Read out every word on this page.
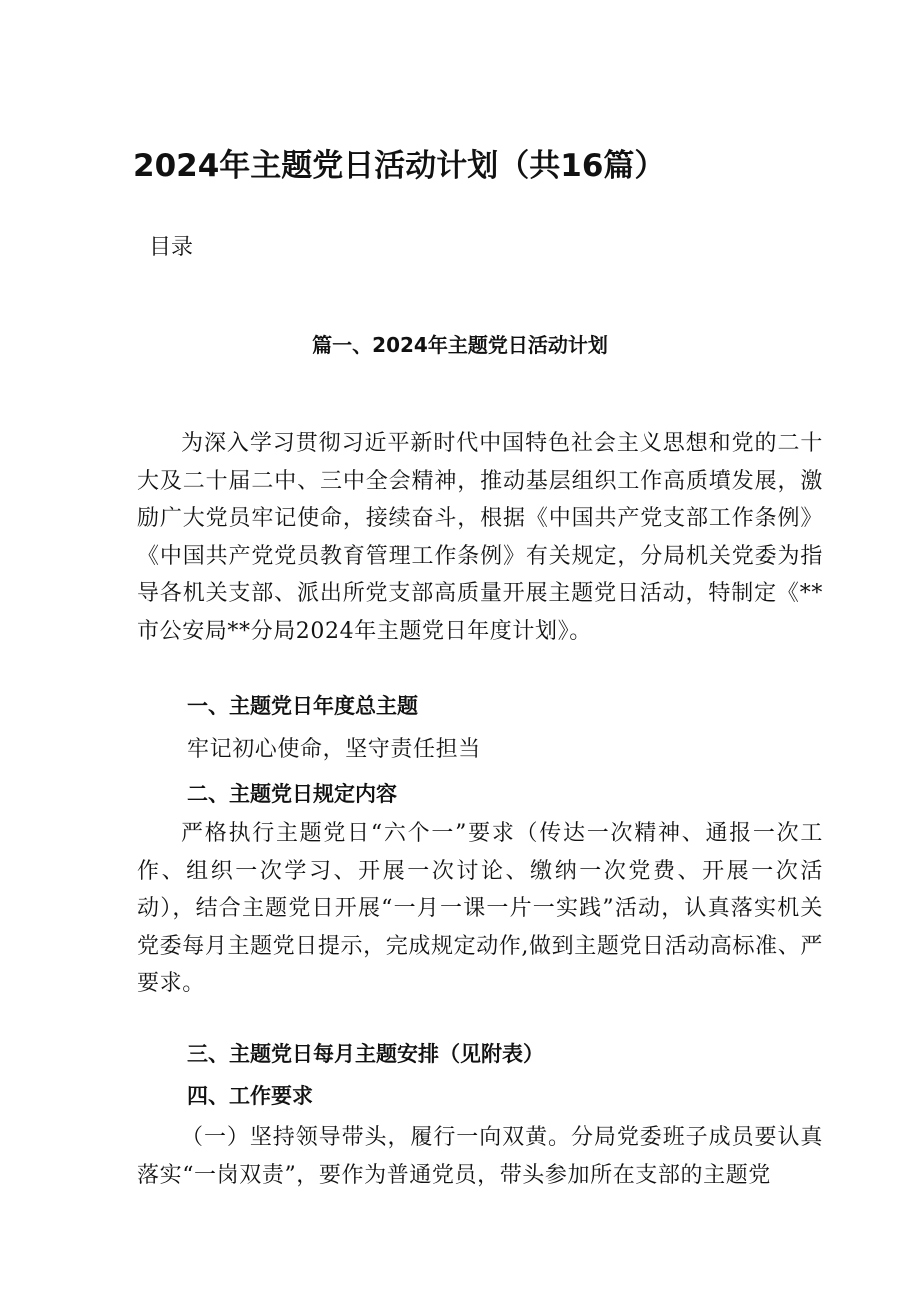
2024年主题党日活动计划（共16篇）
目录
篇一、2024年主题党日活动计划

为深入学习贯彻习近平新时代中国特色社会主义思想和党的二十大及二十届二中、三中全会精神，推动基层组织工作高质墳发展，激励广大党员牢记使命，接续奋斗，根据《中国共产党支部工作条例》《中国共产党党员教育管理工作条例》有关规定，分局机关党委为指导各机关支部、派出所党支部高质量开展主题党日活动，特制定《**市公安局**分局2024年主题党日年度计划》。

一、主题党日年度总主题

牢记初心使命，坚守责任担当

二、主题党日规定内容

严格执行主题党日“六个一”要求（传达一次精神、通报一次工作、组织一次学习、开展一次讨论、缴纳一次党费、开展一次活动），结合主题党日开展“一月一课一片一实践”活动，认真落实机关党委每月主题党日提示，完成规定动作,做到主题党日活动高标准、严要求。

三、主题党日每月主题安排（见附表）

四、工作要求

（一）坚持领导带头，履行一向双黄。分局党委班子成员要认真落实“一岗双责”，要作为普通党员，带头参加所在支部的主题党
